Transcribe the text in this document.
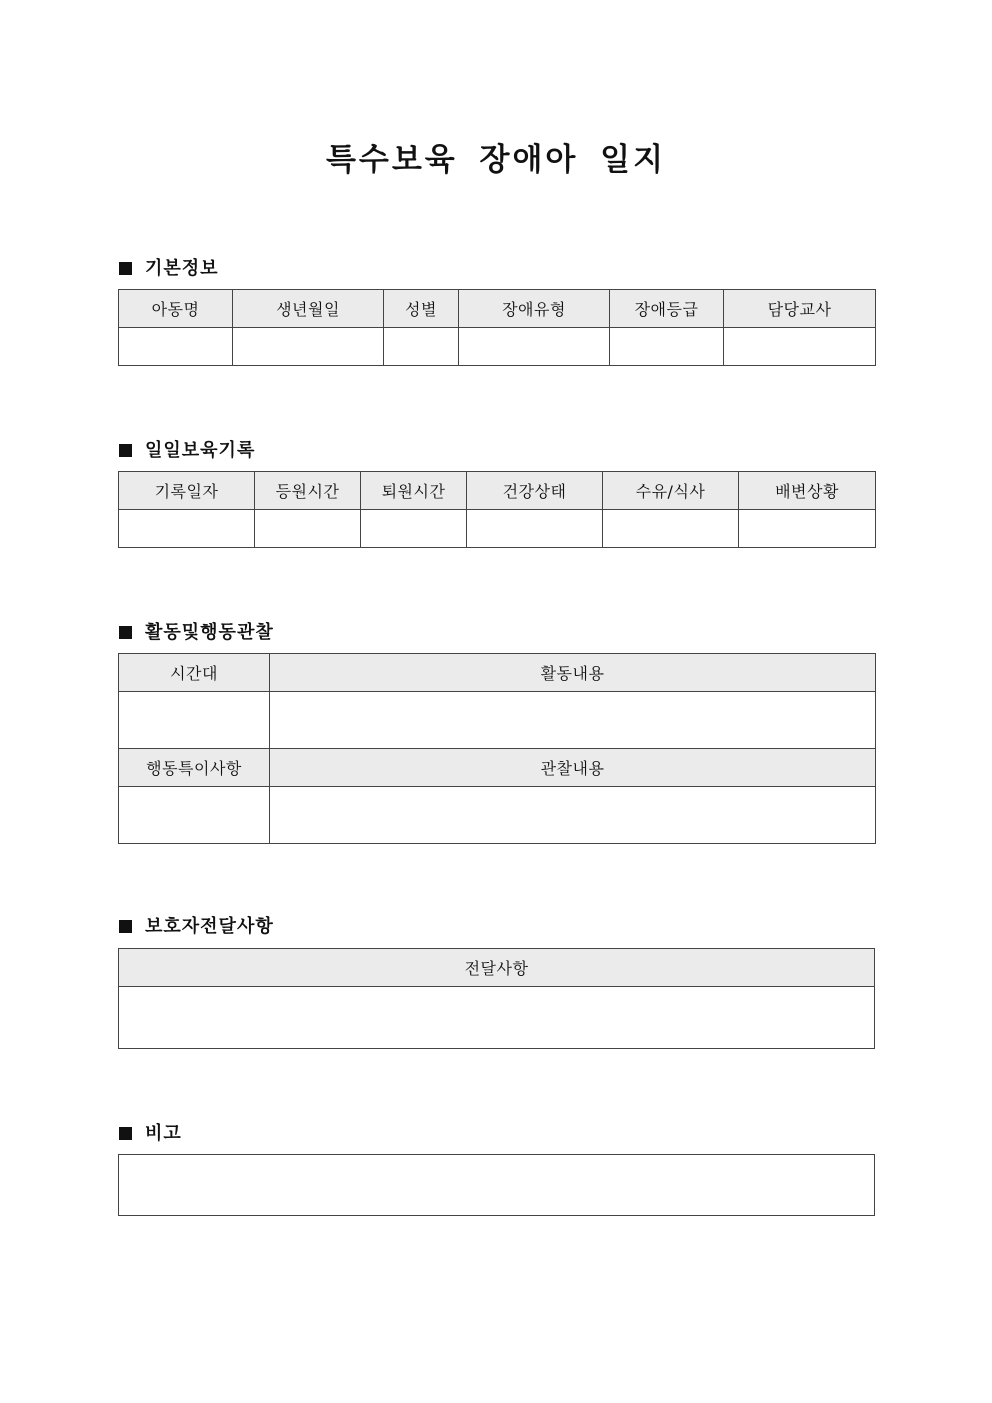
특수보육 장애아 일지
기본정보
아동명	생년월일	성별	장애유형	장애등급	담당교사

일일보육기록
기록일자	등원시간	퇴원시간	건강상태	수유/식사	배변상황

활동및행동관찰
시간대	활동내용

행동특이사항	관찰내용

보호자전달사항
전달사항

비고
